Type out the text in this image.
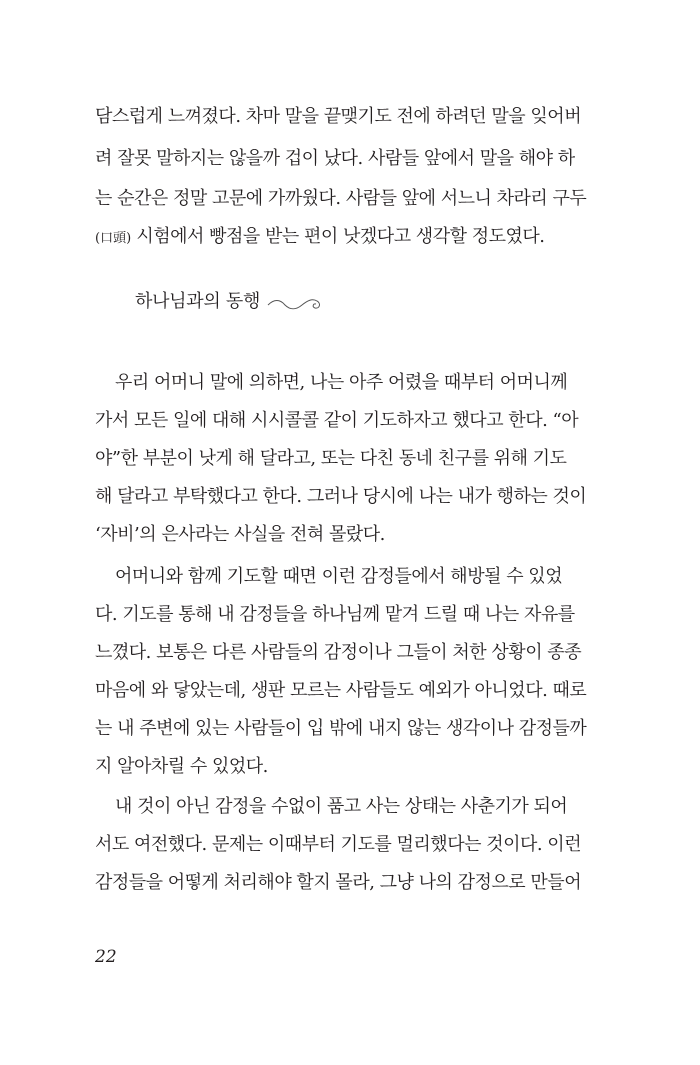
담스럽게 느껴졌다. 차마 말을 끝맺기도 전에 하려던 말을 잊어버
려 잘못 말하지는 않을까 겁이 났다. 사람들 앞에서 말을 해야 하
는 순간은 정말 고문에 가까웠다. 사람들 앞에 서느니 차라리 구두
(口頭) 시험에서 빵점을 받는 편이 낫겠다고 생각할 정도였다.
하나님과의 동행
우리 어머니 말에 의하면, 나는 아주 어렸을 때부터 어머니께
가서 모든 일에 대해 시시콜콜 같이 기도하자고 했다고 한다. “아
야”한 부분이 낫게 해 달라고, 또는 다친 동네 친구를 위해 기도
해 달라고 부탁했다고 한다. 그러나 당시에 나는 내가 행하는 것이
‘자비’의 은사라는 사실을 전혀 몰랐다.
어머니와 함께 기도할 때면 이런 감정들에서 해방될 수 있었
다. 기도를 통해 내 감정들을 하나님께 맡겨 드릴 때 나는 자유를
느꼈다. 보통은 다른 사람들의 감정이나 그들이 처한 상황이 종종
마음에 와 닿았는데, 생판 모르는 사람들도 예외가 아니었다. 때로
는 내 주변에 있는 사람들이 입 밖에 내지 않는 생각이나 감정들까
지 알아차릴 수 있었다.
내 것이 아닌 감정을 수없이 품고 사는 상태는 사춘기가 되어
서도 여전했다. 문제는 이때부터 기도를 멀리했다는 것이다. 이런
감정들을 어떻게 처리해야 할지 몰라, 그냥 나의 감정으로 만들어
22
